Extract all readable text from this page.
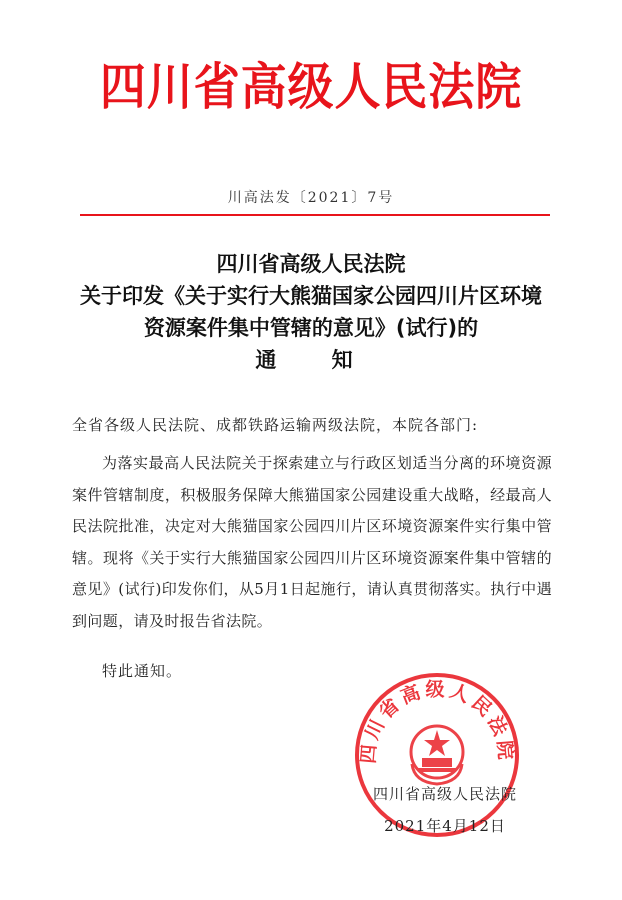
四川省高级人民法院
川高法发〔2021〕7号
四川省高级人民法院
关于印发《关于实行大熊猫国家公园四川片区环境
资源案件集中管辖的意见》(试行)的
通 知
全省各级人民法院、成都铁路运输两级法院，本院各部门:
为落实最高人民法院关于探索建立与行政区划适当分离的环境资源案件管辖制度，积极服务保障大熊猫国家公园建设重大战略，经最高人民法院批准，决定对大熊猫国家公园四川片区环境资源案件实行集中管辖。现将《关于实行大熊猫国家公园四川片区环境资源案件集中管辖的意见》(试行)印发你们，从5月1日起施行，请认真贯彻落实。执行中遇到问题，请及时报告省法院。
特此通知。
四川省高级人民法院
四川省高级人民法院
2021年4月12日
